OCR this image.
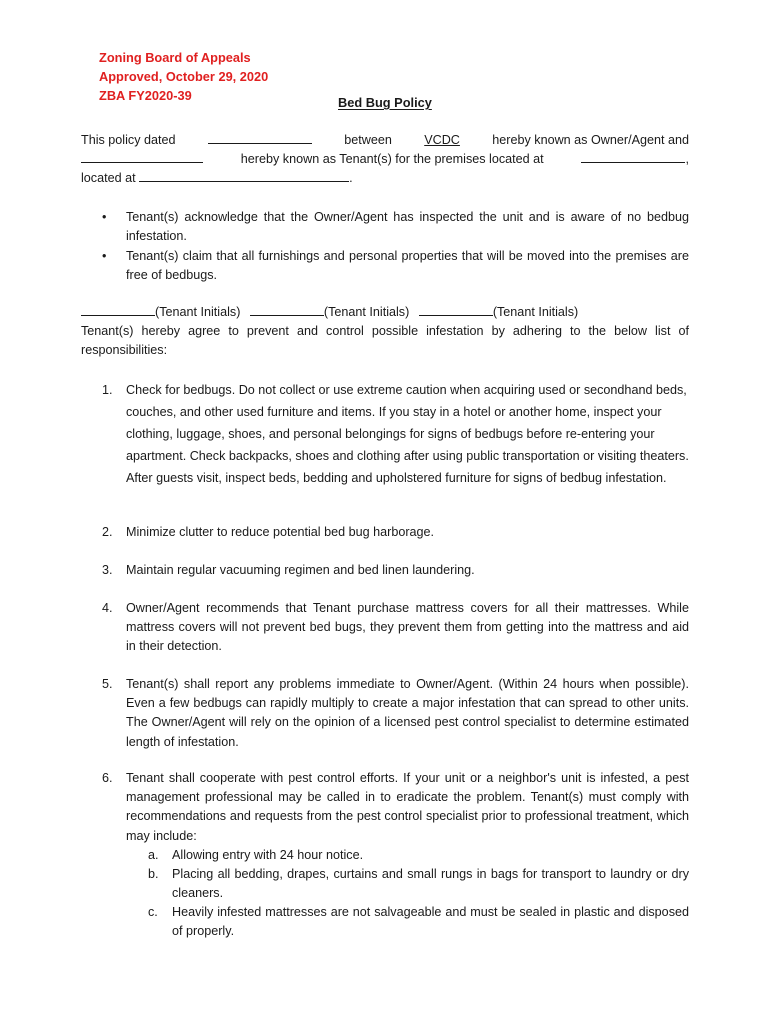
Zoning Board of Appeals
Approved, October 29, 2020
ZBA FY2020-39	Bed Bug Policy
This policy dated	between	VCDC	hereby known as Owner/Agent and
hereby known as Tenant(s) for the premises located at	,
located at	.
• Tenant(s) acknowledge that the Owner/Agent has inspected the unit and is aware of no bedbug infestation.
• Tenant(s) claim that all furnishings and personal properties that will be moved into the premises are free of bedbugs.
(Tenant Initials)	(Tenant Initials)	(Tenant Initials)
Tenant(s) hereby agree to prevent and control possible infestation by adhering to the below list of responsibilities:
1. Check for bedbugs. Do not collect or use extreme caution when acquiring used or secondhand beds, couches, and other used furniture and items. If you stay in a hotel or another home, inspect your clothing, luggage, shoes, and personal belongings for signs of bedbugs before re-entering your apartment. Check backpacks, shoes and clothing after using public transportation or visiting theaters. After guests visit, inspect beds, bedding and upholstered furniture for signs of bedbug infestation.
2. Minimize clutter to reduce potential bed bug harborage.
3. Maintain regular vacuuming regimen and bed linen laundering.
4. Owner/Agent recommends that Tenant purchase mattress covers for all their mattresses. While mattress covers will not prevent bed bugs, they prevent them from getting into the mattress and aid in their detection.
5. Tenant(s) shall report any problems immediate to Owner/Agent. (Within 24 hours when possible). Even a few bedbugs can rapidly multiply to create a major infestation that can spread to other units. The Owner/Agent will rely on the opinion of a licensed pest control specialist to determine estimated length of infestation.
6. Tenant shall cooperate with pest control efforts. If your unit or a neighbor's unit is infested, a pest management professional may be called in to eradicate the problem. Tenant(s) must comply with recommendations and requests from the pest control specialist prior to professional treatment, which may include:
a. Allowing entry with 24 hour notice.
b. Placing all bedding, drapes, curtains and small rungs in bags for transport to laundry or dry cleaners.
c. Heavily infested mattresses are not salvageable and must be sealed in plastic and disposed of properly.
